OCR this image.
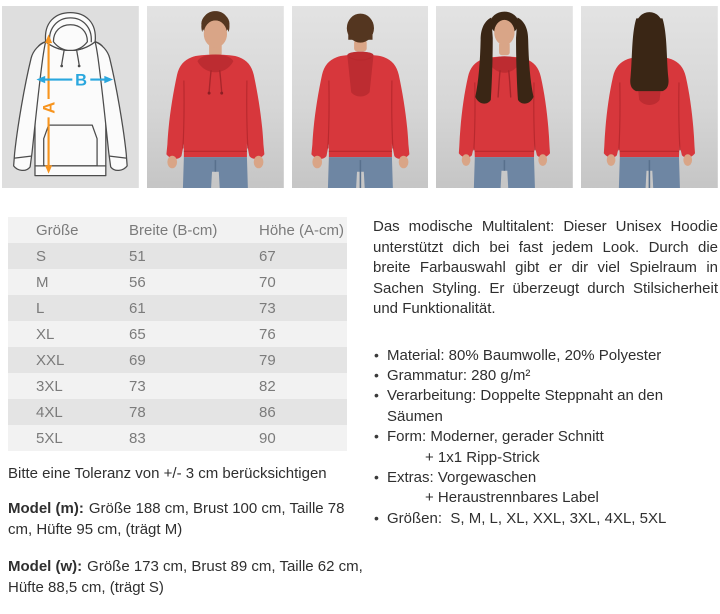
A
B
Größe	Breite (B-cm)	Höhe (A-cm)
S	51	67
M	56	70
L	61	73
XL	65	76
XXL	69	79
3XL	73	82
4XL	78	86
5XL	83	90

Bitte eine Toleranz von +/- 3 cm berücksichtigen

Model (m): Größe 188 cm, Brust 100 cm, Taille 78 cm, Hüfte 95 cm, (trägt M)

Model (w): Größe 173 cm, Brust 89 cm, Taille 62 cm, Hüfte 88,5 cm, (trägt S)

Das modische Multitalent: Dieser Unisex Hoodie unterstützt dich bei fast jedem Look. Durch die breite Farbauswahl gibt er dir viel Spielraum in Sachen Styling. Er überzeugt durch Stilsicherheit und Funktionalität.

• Material: 80% Baumwolle, 20% Polyester
• Grammatur: 280 g/m²
• Verarbeitung: Doppelte Steppnaht an den Säumen
• Form: Moderner, gerader Schnitt
+ 1x1 Ripp-Strick
• Extras: Vorgewaschen
+ Heraustrennbares Label
• Größen:  S, M, L, XL, XXL, 3XL, 4XL, 5XL
